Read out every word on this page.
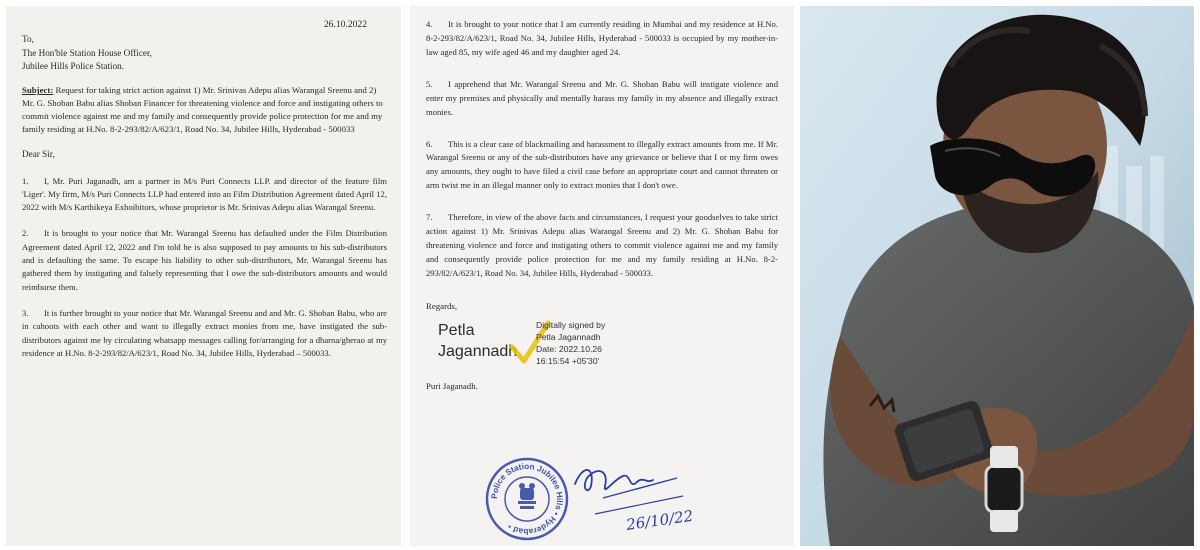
26.10.2022
To,
The Hon'ble Station House Officer,
Jubilee Hills Police Station.
Subject: Request for taking strict action against 1) Mr. Srinivas Adepu alias Warangal Sreenu and 2) Mr. G. Shoban Babu alias Shoban Financer for threatening violence and force and instigating others to commit violence against me and my family and consequently provide police protection for me and my family residing at H.No. 8-2-293/82/A/623/1, Road No. 34, Jubilee Hills, Hyderabad - 500033
Dear Sir,
1. I, Mr. Puri Jaganadh, am a partner in M/s Puri Connects LLP. and director of the feature film 'Liger'. My firm, M/s Puri Connects LLP had entered into an Film Distribution Agreement dated April 12, 2022 with M/s Karthikeya Exhoibitors, whose proprietor is Mr. Srinivas Adepu alias Warangal Sreenu.
2. It is brought to your notice that Mr. Warangal Sreenu has defaulted under the Film Distribution Agreement dated April 12, 2022 and I'm told he is also supposed to pay amounts to his sub-distributors and is defaulting the same. To escape his liability to other sub-distributors, Mr. Warangal Sreenu has gathered them by instigating and falsely representing that I owe the sub-distributors amounts and would reimburse them.
3. It is further brought to your notice that Mr. Warangal Sreenu and and Mr. G. Shoban Babu, who are in cahoots with each other and want to illegally extract monies from me, have instigated the sub-distributors against me by circulating whatsapp messages calling for/arranging for a dharna/gherao at my residence at H.No. 8-2-293/82/A/623/1, Road No. 34, Jubilee Hills, Hyderabad – 500033.
4. It is brought to your notice that I am currently residing in Mumbai and my residence at H.No. 8-2-293/82/A/623/1, Road No. 34, Jubilee Hills, Hyderabad - 500033 is occupied by my mother-in-law aged 85, my wife aged 46 and my daughter aged 24.
5. I apprehend that Mr. Warangal Sreenu and Mr. G. Shoban Babu will instigate violence and enter my premises and physically and mentally harass my family in my absence and illegally extract monies.
6. This is a clear case of blackmailing and harassment to illegally extract amounts from me. If Mr. Warangal Sreenu or any of the sub-distributors have any grievance or believe that I or my firm owes any amounts, they ought to have filed a civil case before an appropriate court and cannot threaten or arm twist me in an illegal manner only to extract monies that I don't owe.
7. Therefore, in view of the above facts and circumstances, I request your goodselves to take strict action against 1) Mr. Srinivas Adepu alias Warangal Sreenu and 2) Mr. G. Shoban Babu for threatening violence and force and instigating others to commit violence against me and my family and consequently provide police protection for me and my family residing at H.No. 8-2-293/82/A/623/1, Road No. 34, Jubilee Hills, Hyderabad - 500033.
Regards,
Petla
Jagannadh
Digitally signed by
Petla Jagannadh
Date: 2022.10.26
16:15:54 +05'30'
Puri Jaganadh.
Police Station Jubilee Hills • Hyderabad •	26/10/22
